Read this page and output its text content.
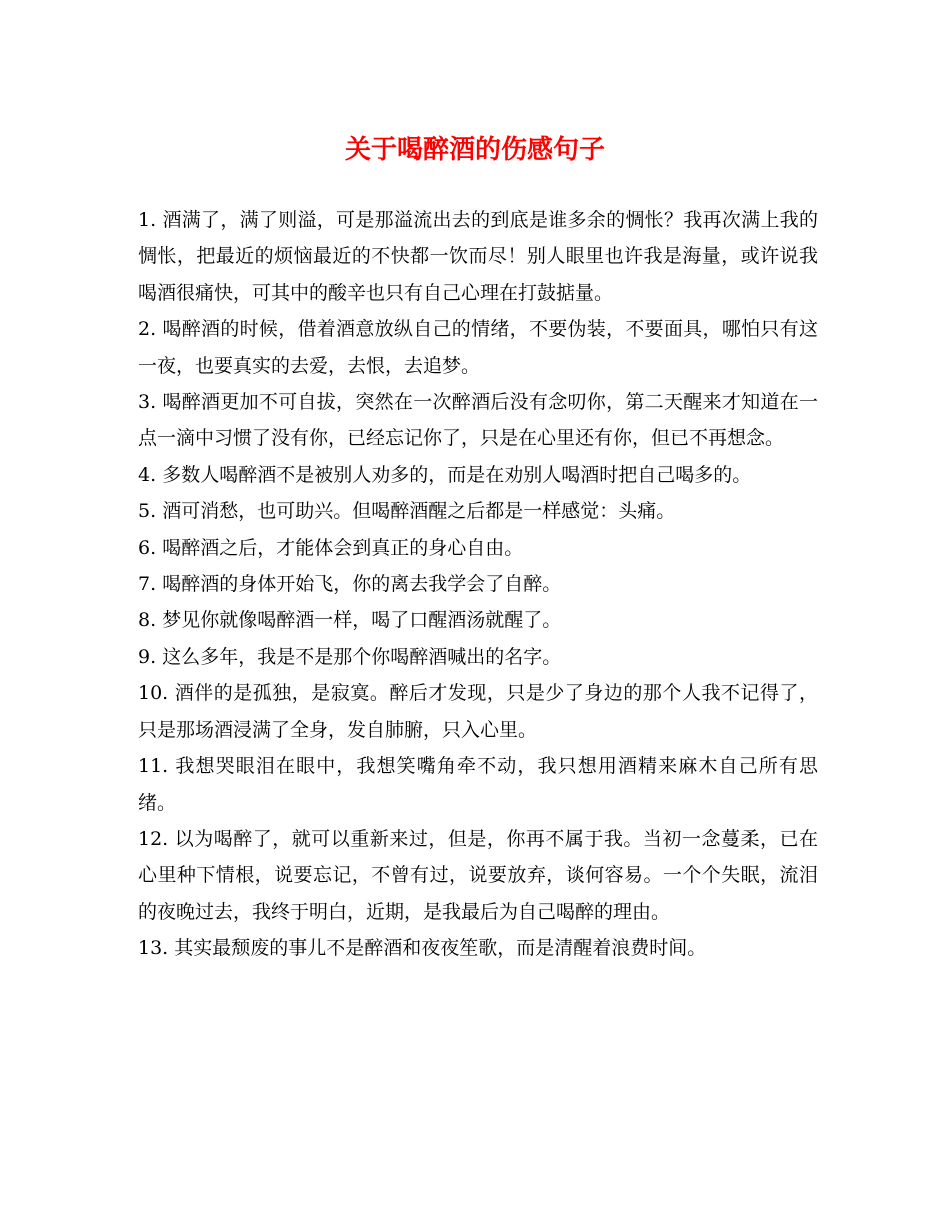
关于喝醉酒的伤感句子

1. 酒满了，满了则溢，可是那溢流出去的到底是谁多余的惆怅？我再次满上我的惆怅，把最近的烦恼最近的不快都一饮而尽！别人眼里也许我是海量，或许说我喝酒很痛快，可其中的酸辛也只有自己心理在打鼓掂量。

2. 喝醉酒的时候，借着酒意放纵自己的情绪，不要伪装，不要面具，哪怕只有这一夜，也要真实的去爱，去恨，去追梦。

3. 喝醉酒更加不可自拔，突然在一次醉酒后没有念叨你，第二天醒来才知道在一点一滴中习惯了没有你，已经忘记你了，只是在心里还有你，但已不再想念。

4. 多数人喝醉酒不是被别人劝多的，而是在劝别人喝酒时把自己喝多的。

5. 酒可消愁，也可助兴。但喝醉酒醒之后都是一样感觉：头痛。

6. 喝醉酒之后，才能体会到真正的身心自由。

7. 喝醉酒的身体开始飞，你的离去我学会了自醉。

8. 梦见你就像喝醉酒一样，喝了口醒酒汤就醒了。

9. 这么多年，我是不是那个你喝醉酒喊出的名字。

10. 酒伴的是孤独，是寂寞。醉后才发现，只是少了身边的那个人我不记得了，只是那场酒浸满了全身，发自肺腑，只入心里。

11. 我想哭眼泪在眼中，我想笑嘴角牵不动，我只想用酒精来麻木自己所有思绪。

12. 以为喝醉了，就可以重新来过，但是，你再不属于我。当初一念蔓柔，已在心里种下情根，说要忘记，不曾有过，说要放弃，谈何容易。一个个失眠，流泪的夜晚过去，我终于明白，近期，是我最后为自己喝醉的理由。

13. 其实最颓废的事儿不是醉酒和夜夜笙歌，而是清醒着浪费时间。
